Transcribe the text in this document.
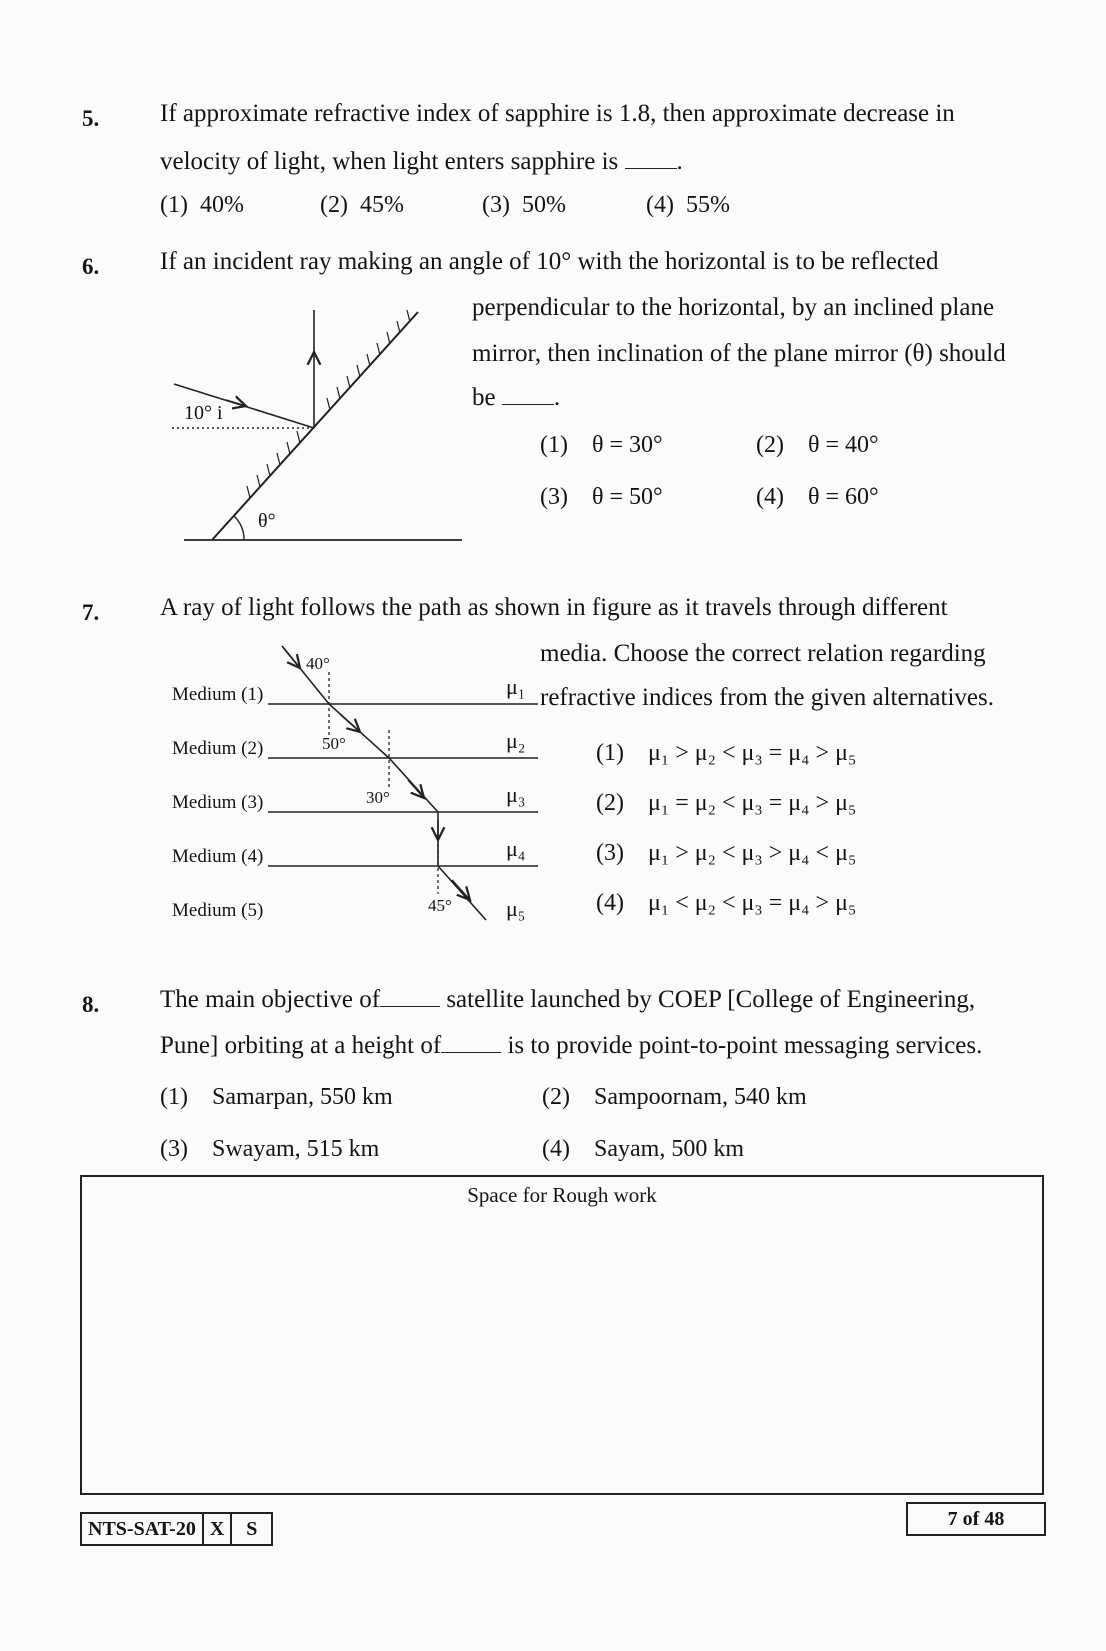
5. If approximate refractive index of sapphire is 1.8, then approximate decrease in
velocity of light, when light enters sapphire is .
(1) 40%	(2) 45%	(3) 50%	(4) 55%
6. If an incident ray making an angle of 10° with the horizontal is to be reflected
perpendicular to the horizontal, by an inclined plane
mirror, then inclination of the plane mirror (θ) should
be .
(1) θ = 30°	(2) θ = 40°
(3) θ = 50°	(4) θ = 60°
10° i
θ°
7. A ray of light follows the path as shown in figure as it travels through different
media. Choose the correct relation regarding
refractive indices from the given alternatives.
Medium (1)
Medium (2)
Medium (3)
Medium (4)
Medium (5)
μ₁
μ₂
μ₃
μ₄
μ₅
40°
50°
30°
45°
(1) μ₁ > μ₂ < μ₃ = μ₄ > μ₅
(2) μ₁ = μ₂ < μ₃ = μ₄ > μ₅
(3) μ₁ > μ₂ < μ₃ > μ₄ < μ₅
(4) μ₁ < μ₂ < μ₃ = μ₄ > μ₅
8. The main objective of	satellite launched by COEP [College of Engineering,
Pune] orbiting at a height of	is to provide point-to-point messaging services.
(1) Samarpan, 550 km	(2) Sampoornam, 540 km
(3) Swayam, 515 km	(4) Sayam, 500 km
Space for Rough work
NTS-SAT-20 X	S	7 of 48
